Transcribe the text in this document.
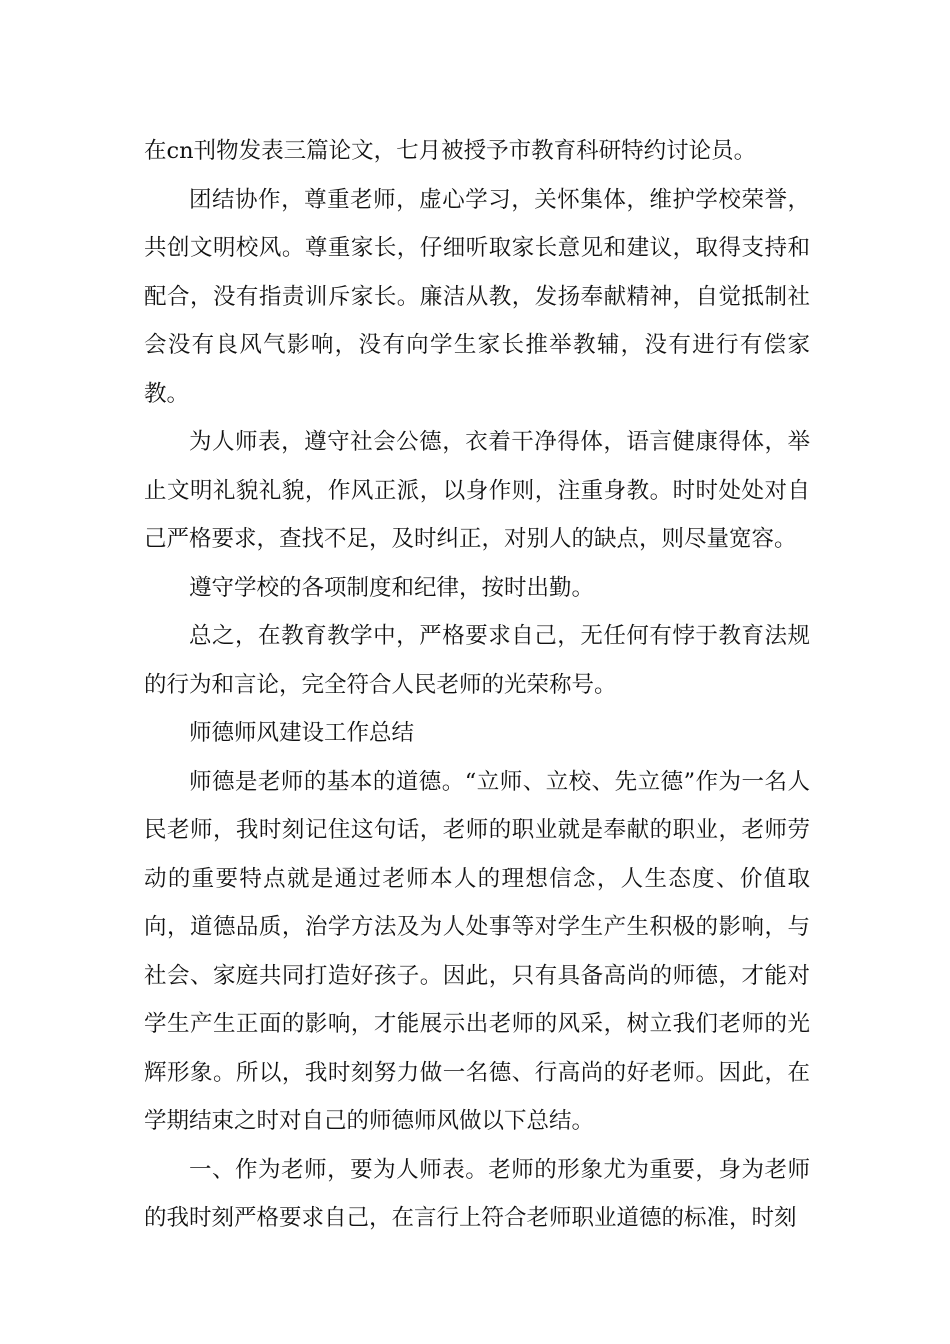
在cn刊物发表三篇论文，七月被授予市教育科研特约讨论员。

团结协作，尊重老师，虚心学习，关怀集体，维护学校荣誉，共创文明校风。尊重家长，仔细听取家长意见和建议，取得支持和配合，没有指责训斥家长。廉洁从教，发扬奉献精神，自觉抵制社会没有良风气影响，没有向学生家长推举教辅，没有进行有偿家教。

为人师表，遵守社会公德，衣着干净得体，语言健康得体，举止文明礼貌礼貌，作风正派，以身作则，注重身教。时时处处对自己严格要求，查找不足，及时纠正，对别人的缺点，则尽量宽容。

遵守学校的各项制度和纪律，按时出勤。

总之，在教育教学中，严格要求自己，无任何有悖于教育法规的行为和言论，完全符合人民老师的光荣称号。

师德师风建设工作总结

师德是老师的基本的道德。“立师、立校、先立德”作为一名人民老师，我时刻记住这句话，老师的职业就是奉献的职业，老师劳动的重要特点就是通过老师本人的理想信念，人生态度、价值取向，道德品质，治学方法及为人处事等对学生产生积极的影响，与社会、家庭共同打造好孩子。因此，只有具备高尚的师德，才能对学生产生正面的影响，才能展示出老师的风采，树立我们老师的光辉形象。所以，我时刻努力做一名德、行高尚的好老师。因此，在学期结束之时对自己的师德师风做以下总结。

一、作为老师，要为人师表。老师的形象尤为重要，身为老师的我时刻严格要求自己，在言行上符合老师职业道德的标准，时刻
